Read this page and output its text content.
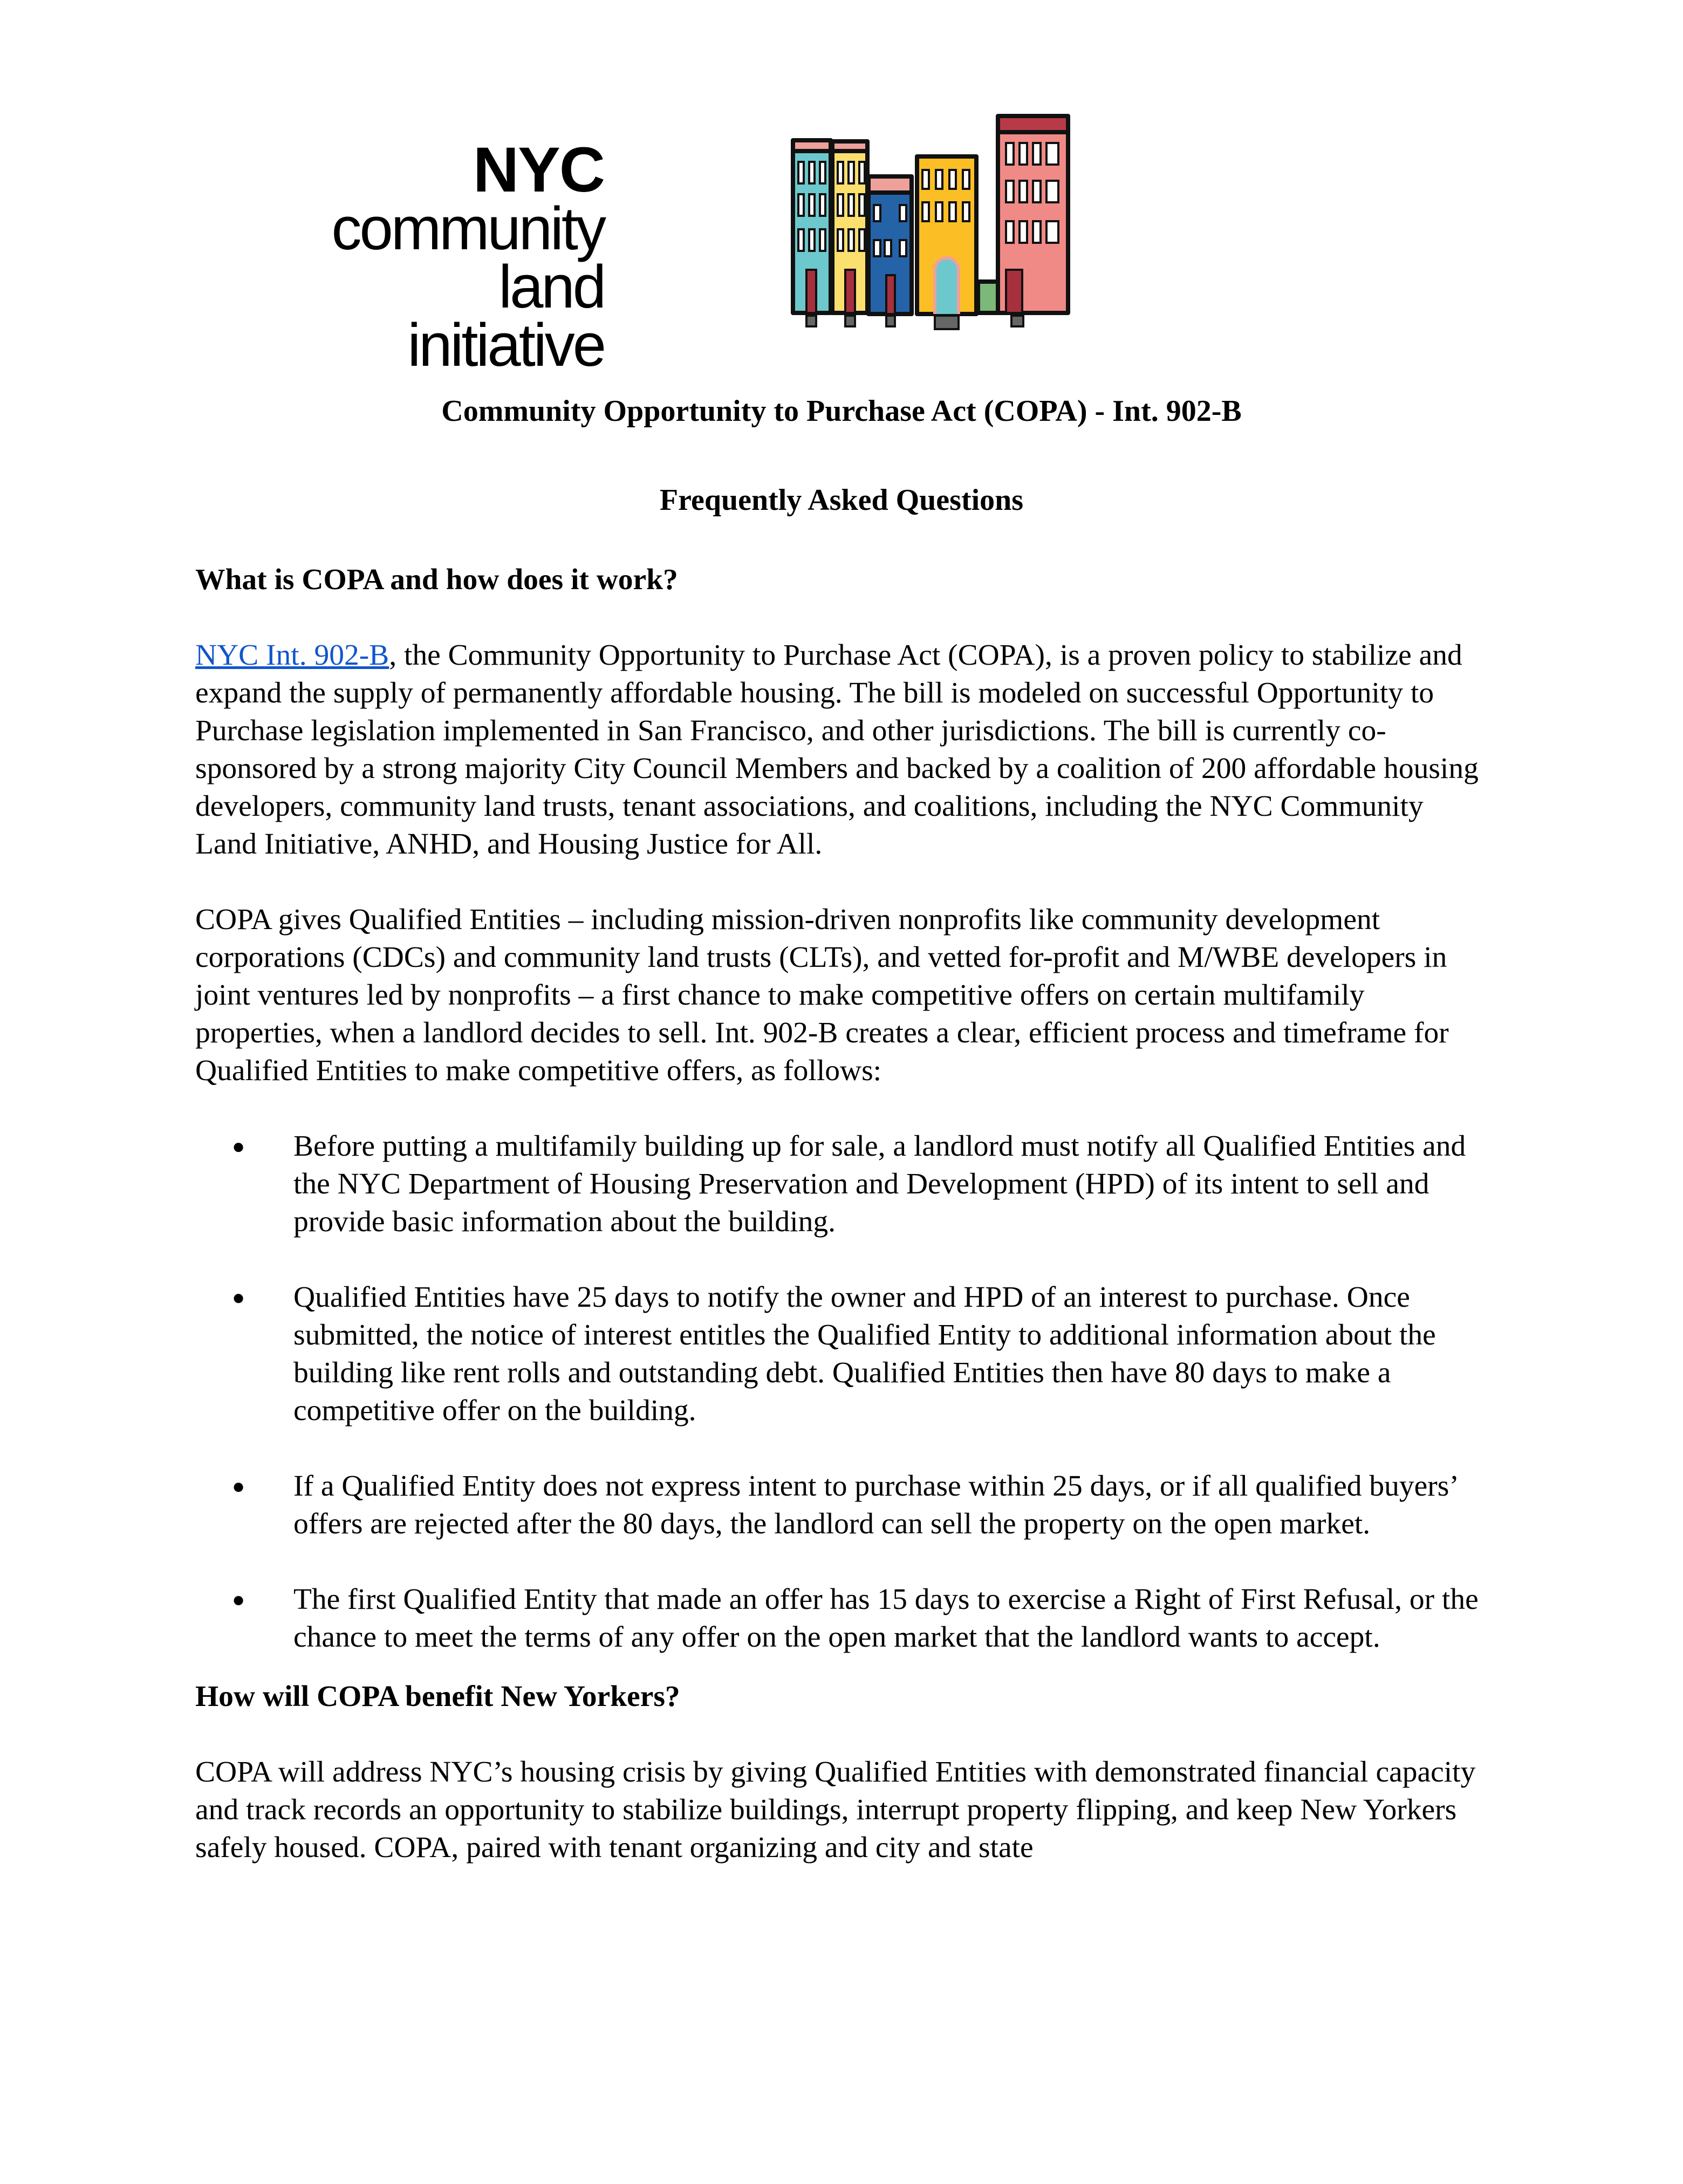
NYC
community land
initiative
Community Opportunity to Purchase Act (COPA) - Int. 902-B
Frequently Asked Questions

What is COPA and how does it work?

NYC Int. 902-B, the Community Opportunity to Purchase Act (COPA), is a proven policy to stabilize and expand the supply of permanently affordable housing. The bill is modeled on successful Opportunity to Purchase legislation implemented in San Francisco, and other jurisdictions. The bill is currently co-sponsored by a strong majority City Council Members and backed by a coalition of 200 affordable housing developers, community land trusts, tenant associations, and coalitions, including the NYC Community Land Initiative, ANHD, and Housing Justice for All.

COPA gives Qualified Entities – including mission-driven nonprofits like community development corporations (CDCs) and community land trusts (CLTs), and vetted for-profit and M/WBE developers in joint ventures led by nonprofits – a first chance to make competitive offers on certain multifamily properties, when a landlord decides to sell. Int. 902-B creates a clear, efficient process and timeframe for Qualified Entities to make competitive offers, as follows:

● Before putting a multifamily building up for sale, a landlord must notify all Qualified Entities and the NYC Department of Housing Preservation and Development (HPD) of its intent to sell and provide basic information about the building.
● Qualified Entities have 25 days to notify the owner and HPD of an interest to purchase. Once submitted, the notice of interest entitles the Qualified Entity to additional information about the building like rent rolls and outstanding debt. Qualified Entities then have 80 days to make a competitive offer on the building.
● If a Qualified Entity does not express intent to purchase within 25 days, or if all qualified buyers’ offers are rejected after the 80 days, the landlord can sell the property on the open market.
● The first Qualified Entity that made an offer has 15 days to exercise a Right of First Refusal, or the chance to meet the terms of any offer on the open market that the landlord wants to accept.

How will COPA benefit New Yorkers?

COPA will address NYC’s housing crisis by giving Qualified Entities with demonstrated financial capacity and track records an opportunity to stabilize buildings, interrupt property flipping, and keep New Yorkers safely housed. COPA, paired with tenant organizing and city and state
